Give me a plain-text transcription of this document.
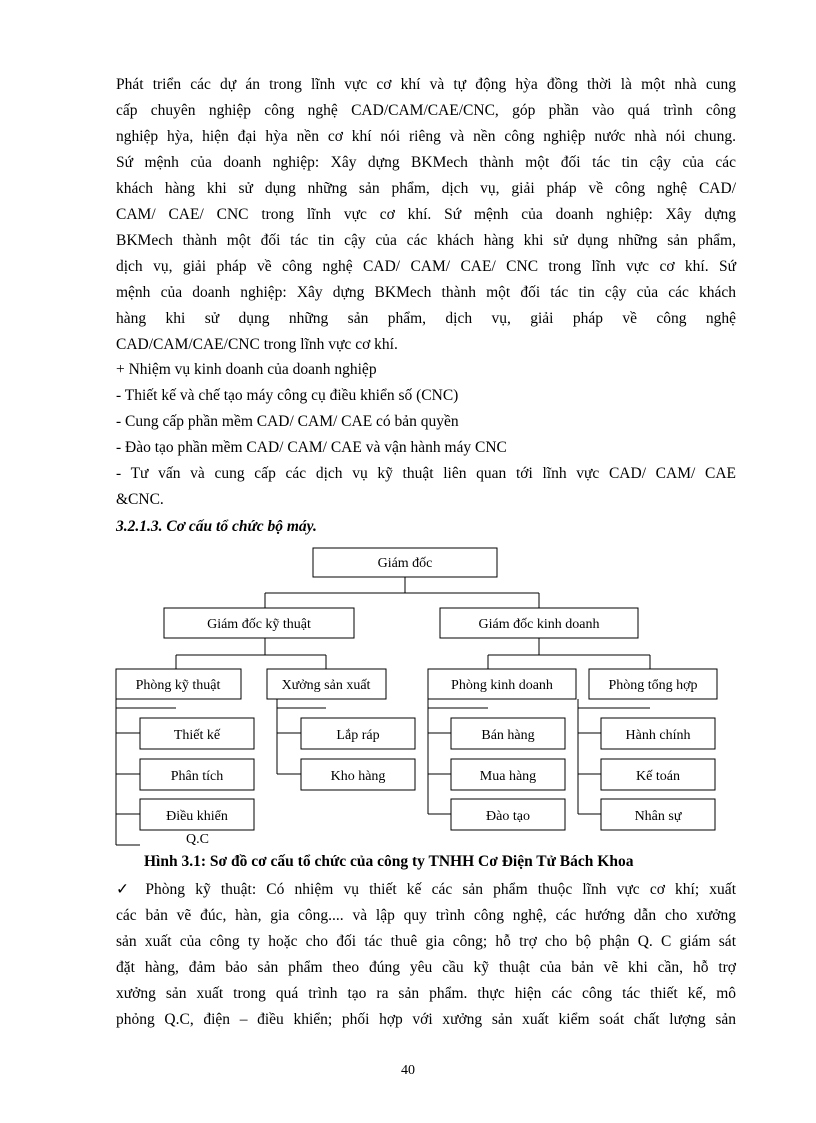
Phát triển các dự án trong lĩnh vực cơ khí và tự động hỳa đồng thời là một nhà cung
cấp chuyên nghiệp công nghệ CAD/CAM/CAE/CNC, góp phần vào quá trình công
nghiệp hỳa, hiện đại hỳa nền cơ khí nói riêng và nền công nghiệp nước nhà nói chung.
Sứ mệnh của doanh nghiệp: Xây dựng BKMech thành một đối tác tin cậy của các
khách hàng khi sử dụng những sản phẩm, dịch vụ, giải pháp về công nghệ CAD/
CAM/ CAE/ CNC trong lĩnh vực cơ khí. Sứ mệnh của doanh nghiệp: Xây dựng
BKMech thành một đối tác tin cậy của các khách hàng khi sử dụng những sản phẩm,
dịch vụ, giải pháp về công nghệ CAD/ CAM/ CAE/ CNC trong lĩnh vực cơ khí. Sứ
mệnh của doanh nghiệp: Xây dựng BKMech thành một đối tác tin cậy của các khách
hàng khi sử dụng những sản phẩm, dịch vụ, giải pháp về công nghệ
CAD/CAM/CAE/CNC trong lĩnh vực cơ khí.
+ Nhiệm vụ kinh doanh của doanh nghiệp
- Thiết kế và chế tạo máy công cụ điều khiển số (CNC)
- Cung cấp phần mềm CAD/ CAM/ CAE có bản quyền
- Đào tạo phần mềm CAD/ CAM/ CAE và vận hành máy CNC
- Tư vấn và cung cấp các dịch vụ kỹ thuật liên quan tới lĩnh vực CAD/ CAM/ CAE
&CNC.
3.2.1.3. Cơ cấu tổ chức bộ máy.
Giám đốc
Giám đốc kỹ thuật	Giám đốc kinh doanh
Phòng kỹ thuật	Xưởng sản xuất	Phòng kinh doanh	Phòng tổng hợp
Thiết kế
Phân tích
Điều khiển
Lắp ráp
Kho hàng
Bán hàng
Mua hàng
Đào tạo
Hành chính
Kế toán
Nhân sự
Q.C
Hình 3.1: Sơ đồ cơ cấu tổ chức của công ty TNHH Cơ Điện Tử Bách Khoa
✓ Phòng kỹ thuật: Có nhiệm vụ thiết kế các sản phẩm thuộc lĩnh vực cơ khí; xuất
các bản vẽ đúc, hàn, gia công.... và lập quy trình công nghệ, các hướng dẫn cho xưởng
sản xuất của công ty hoặc cho đối tác thuê gia công; hỗ trợ cho bộ phận Q. C giám sát
đặt hàng, đảm bảo sản phẩm theo đúng yêu cầu kỹ thuật của bản vẽ khi cần, hỗ trợ
xưởng sản xuất trong quá trình tạo ra sản phẩm. thực hiện các công tác thiết kế, mô
phỏng Q.C, điện – điều khiển; phối hợp với xưởng sản xuất kiểm soát chất lượng sản
40
